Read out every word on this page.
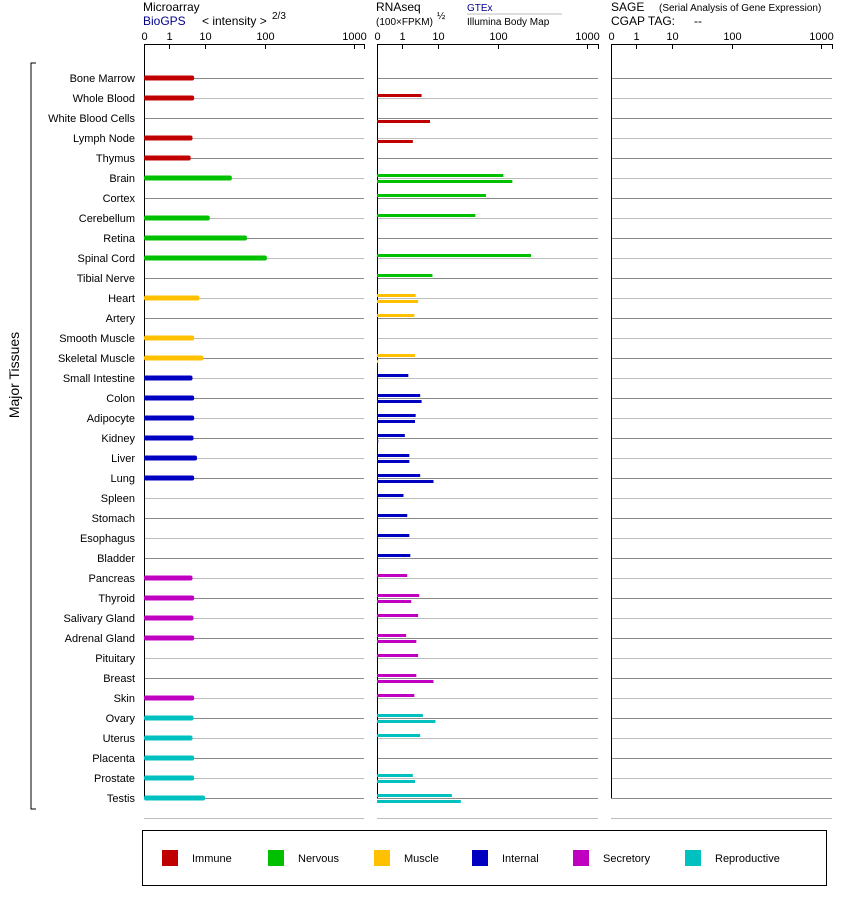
Microarray
BioGPS < intensity > 2/3
RNAseq
(100×FPKM)
½
GTEx
Illumina Body Map
SAGE (Serial Analysis of Gene Expression)
CGAP TAG: --
Major Tissues
0 1 10	100	1000 0 1 10	100	1000 0 1 10	100	1000
Bone Marrow
Whole Blood
White Blood Cells
Lymph Node
Thymus
Brain
Cortex
Cerebellum
Retina
Spinal Cord
Tibial Nerve
Heart
Artery
Smooth Muscle
Skeletal Muscle
Small Intestine
Colon
Adipocyte
Kidney
Liver
Lung
Spleen
Stomach
Esophagus
Bladder
Pancreas
Thyroid
Salivary Gland
Adrenal Gland
Pituitary
Breast
Skin
Ovary
Uterus
Placenta
Prostate
Testis
Immune	Nervous	Muscle	Internal	Secretory	Reproductive
